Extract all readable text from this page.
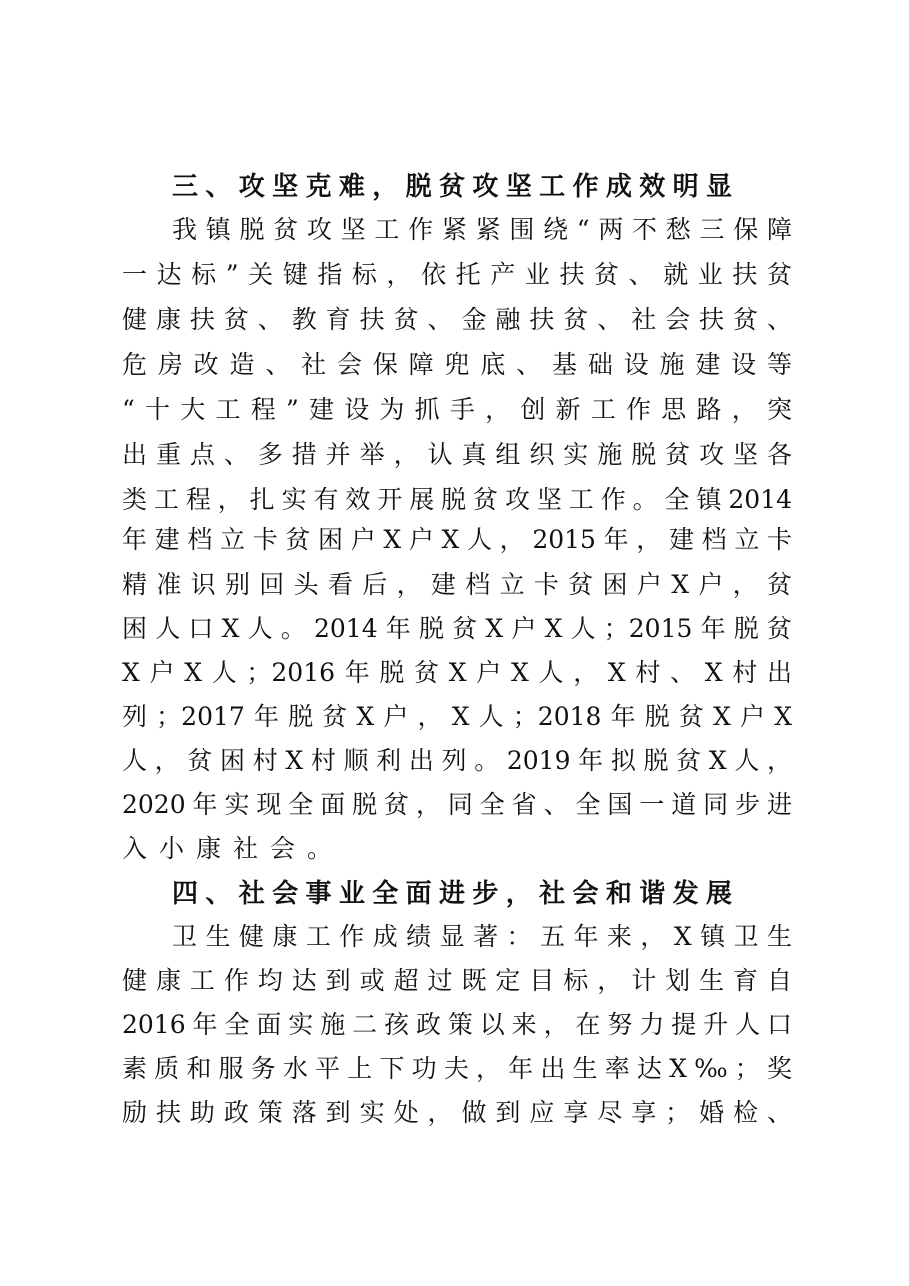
三、攻坚克难，脱贫攻坚工作成效明显
我镇脱贫攻坚工作紧紧围绕“两不愁三保障
一达标”关键指标，依托产业扶贫、就业扶贫
健康扶贫、教育扶贫、金融扶贫、社会扶贫、
危房改造、社会保障兜底、基础设施建设等
“十大工程”建设为抓手，创新工作思路，突
出重点、多措并举，认真组织实施脱贫攻坚各
类工程，扎实有效开展脱贫攻坚工作。全镇2014
年建档立卡贫困户X户X人，2015年，建档立卡
精准识别回头看后，建档立卡贫困户X户，贫
困人口X人。2014年脱贫X户X人；2015年脱贫
X户X人；2016年脱贫X户X人，X村、X村出
列；2017年脱贫X户，X人；2018年脱贫X户X
人，贫困村X村顺利出列。2019年拟脱贫X人，
2020年实现全面脱贫，同全省、全国一道同步进
入小康社会。
四、社会事业全面进步，社会和谐发展
卫生健康工作成绩显著：五年来，X镇卫生
健康工作均达到或超过既定目标，计划生育自
2016年全面实施二孩政策以来，在努力提升人口
素质和服务水平上下功夫，年出生率达X‰；奖
励扶助政策落到实处，做到应享尽享；婚检、
